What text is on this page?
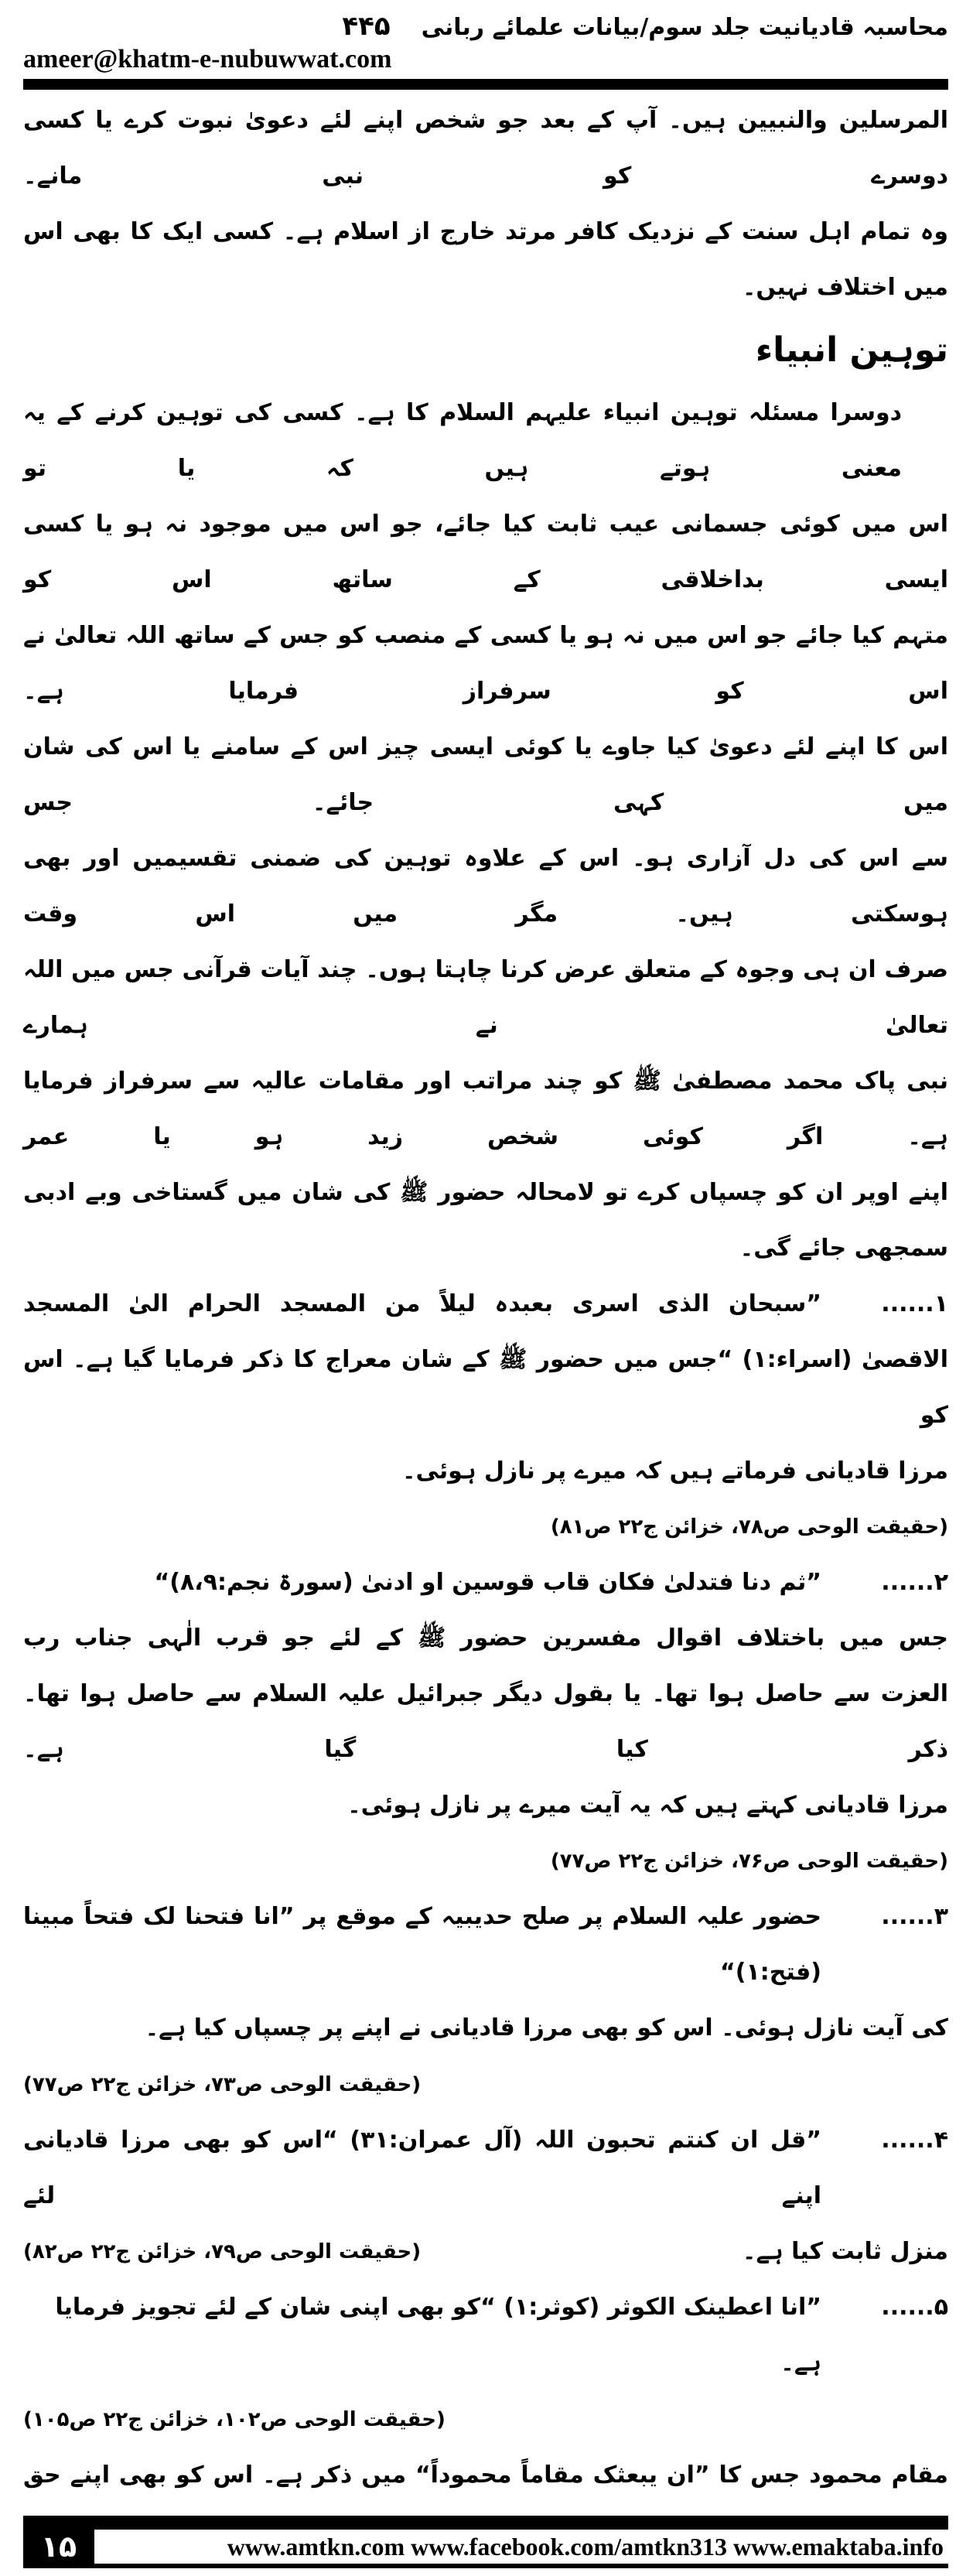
محاسبہ قادیانیت جلد سوم/بیانات علمائے ربانی
۴۴۵
ameer@khatm-e-nubuwwat.com
المرسلین والنبیین ہیں۔ آپ کے بعد جو شخص اپنے لئے دعویٰ نبوت کرے یا کسی دوسرے کو نبی مانے۔
وہ تمام اہل سنت کے نزدیک کافر مرتد خارج از اسلام ہے۔ کسی ایک کا بھی اس میں اختلاف نہیں۔
توہین انبیاء
دوسرا مسئلہ توہین انبیاء علیہم السلام کا ہے۔ کسی کی توہین کرنے کے یہ معنی ہوتے ہیں کہ یا تو
اس میں کوئی جسمانی عیب ثابت کیا جائے، جو اس میں موجود نہ ہو یا کسی ایسی بداخلاقی کے ساتھ اس کو
متہم کیا جائے جو اس میں نہ ہو یا کسی کے منصب کو جس کے ساتھ اللہ تعالیٰ نے اس کو سرفراز فرمایا ہے۔
اس کا اپنے لئے دعویٰ کیا جاوے یا کوئی ایسی چیز اس کے سامنے یا اس کی شان میں کہی جائے۔ جس
سے اس کی دل آزاری ہو۔ اس کے علاوہ توہین کی ضمنی تقسیمیں اور بھی ہوسکتی ہیں۔ مگر میں اس وقت
صرف ان ہی وجوہ کے متعلق عرض کرنا چاہتا ہوں۔ چند آیات قرآنی جس میں اللہ تعالیٰ نے ہمارے
نبی پاک محمد مصطفیٰ ﷺ کو چند مراتب اور مقامات عالیہ سے سرفراز فرمایا ہے۔ اگر کوئی شخص زید ہو یا عمر
اپنے اوپر ان کو چسپاں کرے تو لامحالہ حضور ﷺ کی شان میں گستاخی وبے ادبی سمجھی جائے گی۔
۱......
”سبحان الذی اسری بعبدہ لیلاً من المسجد الحرام الیٰ المسجد
الاقصیٰ (اسراء:۱) “جس میں حضور ﷺ کے شان معراج کا ذکر فرمایا گیا ہے۔ اس کو
مرزا قادیانی فرماتے ہیں کہ میرے پر نازل ہوئی۔
(حقیقت الوحی ص۷۸، خزائن ج۲۲ ص۸۱)
۲......
”ثم دنا فتدلیٰ فکان قاب قوسین او ادنیٰ (سورۃ نجم:۸،۹)“
جس میں باختلاف اقوال مفسرین حضور ﷺ کے لئے جو قرب الٰہی جناب رب
العزت سے حاصل ہوا تھا۔ یا بقول دیگر جبرائیل علیہ السلام سے حاصل ہوا تھا۔ ذکر کیا گیا ہے۔
مرزا قادیانی کہتے ہیں کہ یہ آیت میرے پر نازل ہوئی۔
(حقیقت الوحی ص۷۶، خزائن ج۲۲ ص۷۷)
۳......
حضور علیہ السلام پر صلح حدیبیہ کے موقع پر ”انا فتحنا لک فتحاً مبینا (فتح:۱)“
کی آیت نازل ہوئی۔ اس کو بھی مرزا قادیانی نے اپنے پر چسپاں کیا ہے۔
(حقیقت الوحی ص۷۳، خزائن ج۲۲ ص۷۷)
۴......
”قل ان کنتم تحبون اللہ (آل عمران:۳۱) “اس کو بھی مرزا قادیانی اپنے لئے
منزل ثابت کیا ہے۔
(حقیقت الوحی ص۷۹، خزائن ج۲۲ ص۸۲)
۵......
”انا اعطینک الکوثر (کوثر:۱) “کو بھی اپنی شان کے لئے تجویز فرمایا ہے۔
(حقیقت الوحی ص۱۰۲، خزائن ج۲۲ ص۱۰۵)
مقام محمود جس کا ”ان یبعثک مقاماً محموداً“ میں ذکر ہے۔ اس کو بھی اپنے حق
۱۵	www.amtkn.com www.facebook.com/amtkn313 www.emaktaba.info
